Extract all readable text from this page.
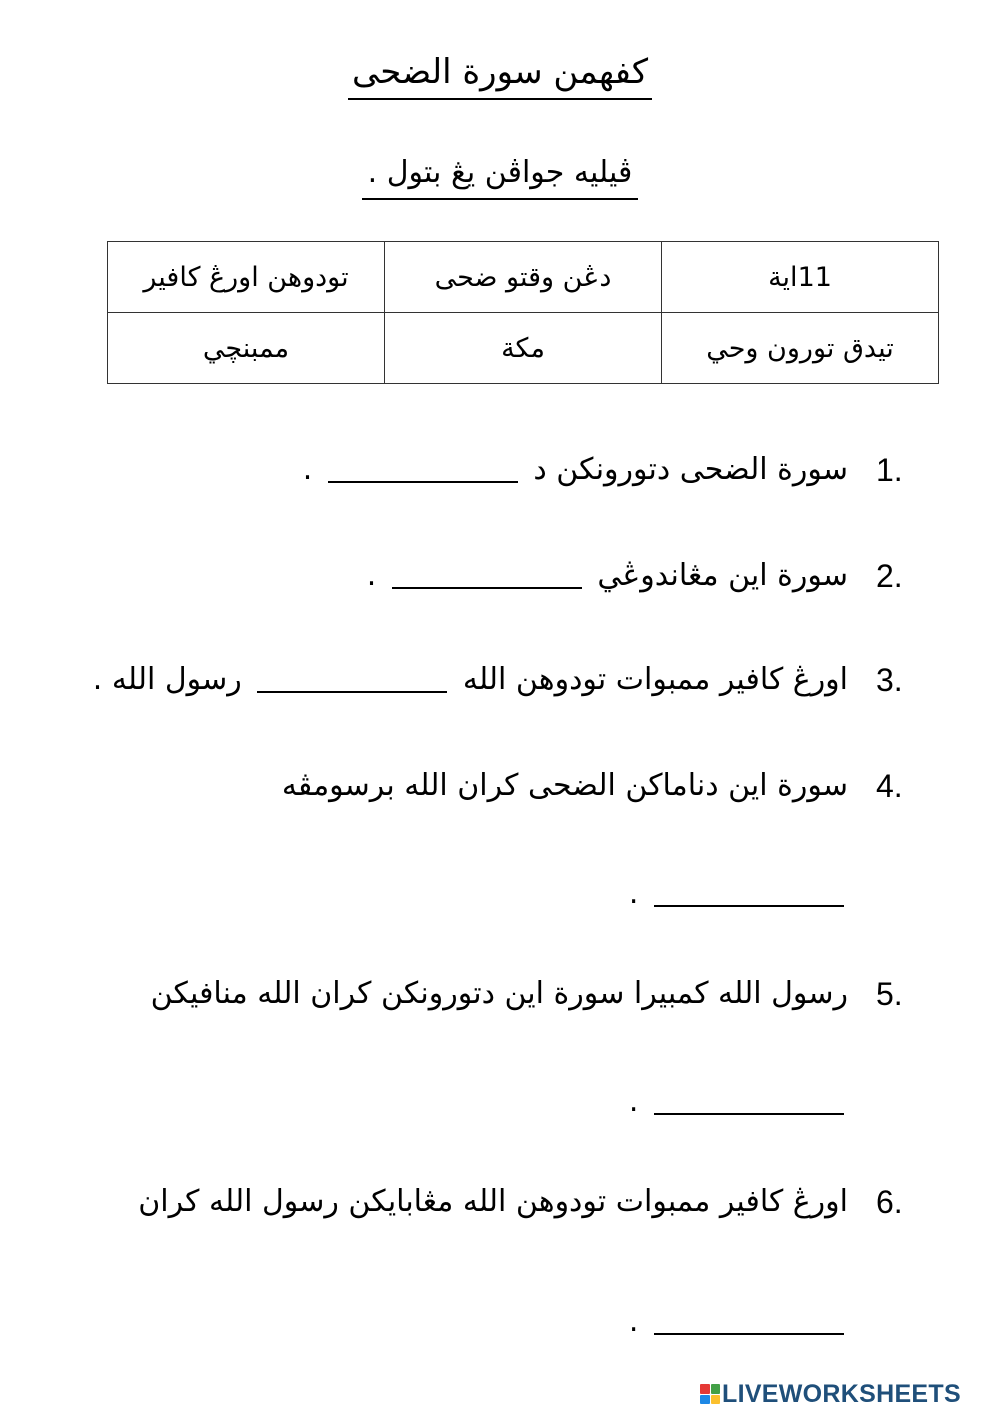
كفهمن سورة الضحى
ڤيليه جواڤن يڠ بتول .
11اية	دڠن وقتو ضحى	تودوهن اورڠ كافير
تيدق تورون وحي	مكة	ممبنچي
1.
سورة الضحى دتورونكن د  .
2.
سورة اين مڠاندوڠي  .
3.
اورڠ كافير ممبوات تودوهن الله  رسول الله .
4.
سورة اين دناماكن الضحى كران الله برسومڤه
.
5.
رسول الله كمبيرا سورة اين دتورونكن كران الله منافيكن
.
6.
اورڠ كافير ممبوات تودوهن الله مڠابايكن رسول الله كران
.
LIVEWORKSHEETS
